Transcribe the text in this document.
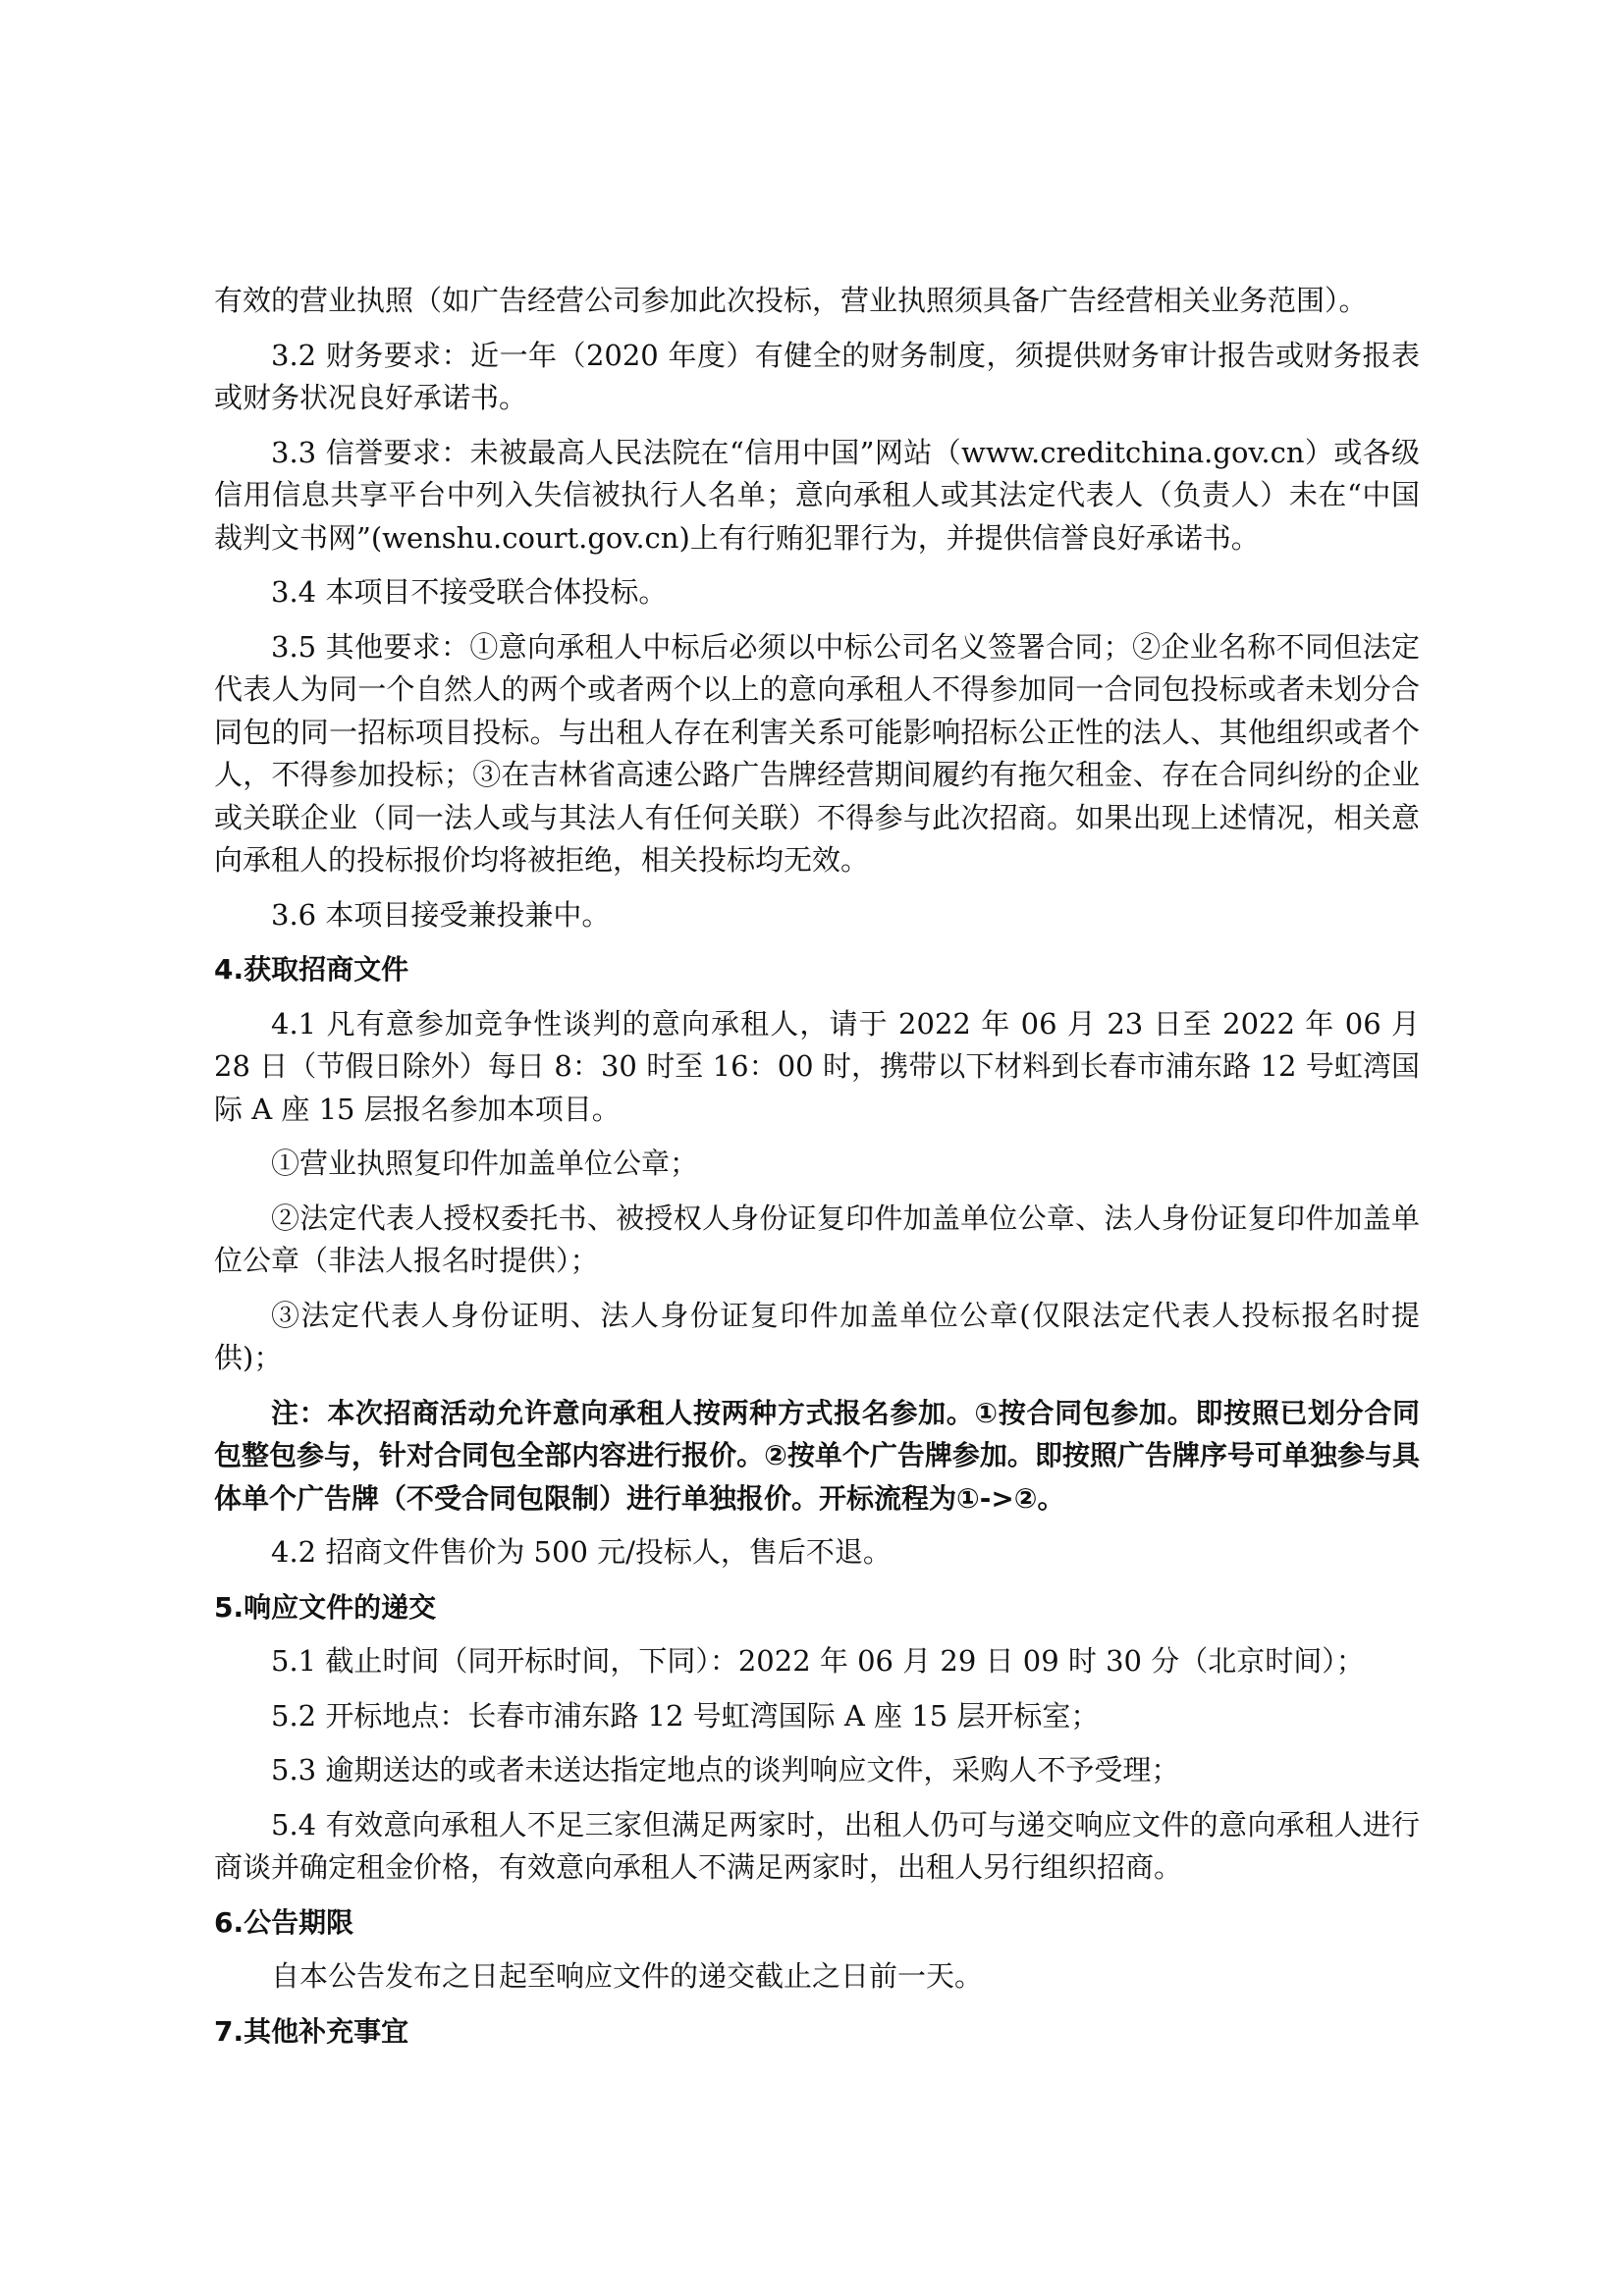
有效的营业执照（如广告经营公司参加此次投标，营业执照须具备广告经营相关业务范围）。

3.2 财务要求：近一年（2020 年度）有健全的财务制度，须提供财务审计报告或财务报表或财务状况良好承诺书。

3.3 信誉要求：未被最高人民法院在“信用中国”网站（www.creditchina.gov.cn）或各级信用信息共享平台中列入失信被执行人名单；意向承租人或其法定代表人（负责人）未在“中国裁判文书网”(wenshu.court.gov.cn)上有行贿犯罪行为，并提供信誉良好承诺书。

3.4 本项目不接受联合体投标。

3.5 其他要求：①意向承租人中标后必须以中标公司名义签署合同；②企业名称不同但法定代表人为同一个自然人的两个或者两个以上的意向承租人不得参加同一合同包投标或者未划分合同包的同一招标项目投标。与出租人存在利害关系可能影响招标公正性的法人、其他组织或者个人，不得参加投标；③在吉林省高速公路广告牌经营期间履约有拖欠租金、存在合同纠纷的企业或关联企业（同一法人或与其法人有任何关联）不得参与此次招商。如果出现上述情况，相关意向承租人的投标报价均将被拒绝，相关投标均无效。

3.6 本项目接受兼投兼中。

4.获取招商文件

4.1 凡有意参加竞争性谈判的意向承租人，请于 2022 年 06 月 23 日至 2022 年 06 月 28 日（节假日除外）每日 8：30 时至 16：00 时，携带以下材料到长春市浦东路 12 号虹湾国际 A 座 15 层报名参加本项目。

①营业执照复印件加盖单位公章；

②法定代表人授权委托书、被授权人身份证复印件加盖单位公章、法人身份证复印件加盖单位公章（非法人报名时提供）；

③法定代表人身份证明、法人身份证复印件加盖单位公章(仅限法定代表人投标报名时提供)；

注：本次招商活动允许意向承租人按两种方式报名参加。①按合同包参加。即按照已划分合同包整包参与，针对合同包全部内容进行报价。②按单个广告牌参加。即按照广告牌序号可单独参与具体单个广告牌（不受合同包限制）进行单独报价。开标流程为①->②。

4.2 招商文件售价为 500 元/投标人，售后不退。

5.响应文件的递交

5.1 截止时间（同开标时间，下同）：2022 年 06 月 29 日 09 时 30 分（北京时间）；

5.2 开标地点：长春市浦东路 12 号虹湾国际 A 座 15 层开标室；

5.3 逾期送达的或者未送达指定地点的谈判响应文件，采购人不予受理；

5.4 有效意向承租人不足三家但满足两家时，出租人仍可与递交响应文件的意向承租人进行商谈并确定租金价格，有效意向承租人不满足两家时，出租人另行组织招商。

6.公告期限

自本公告发布之日起至响应文件的递交截止之日前一天。

7.其他补充事宜
